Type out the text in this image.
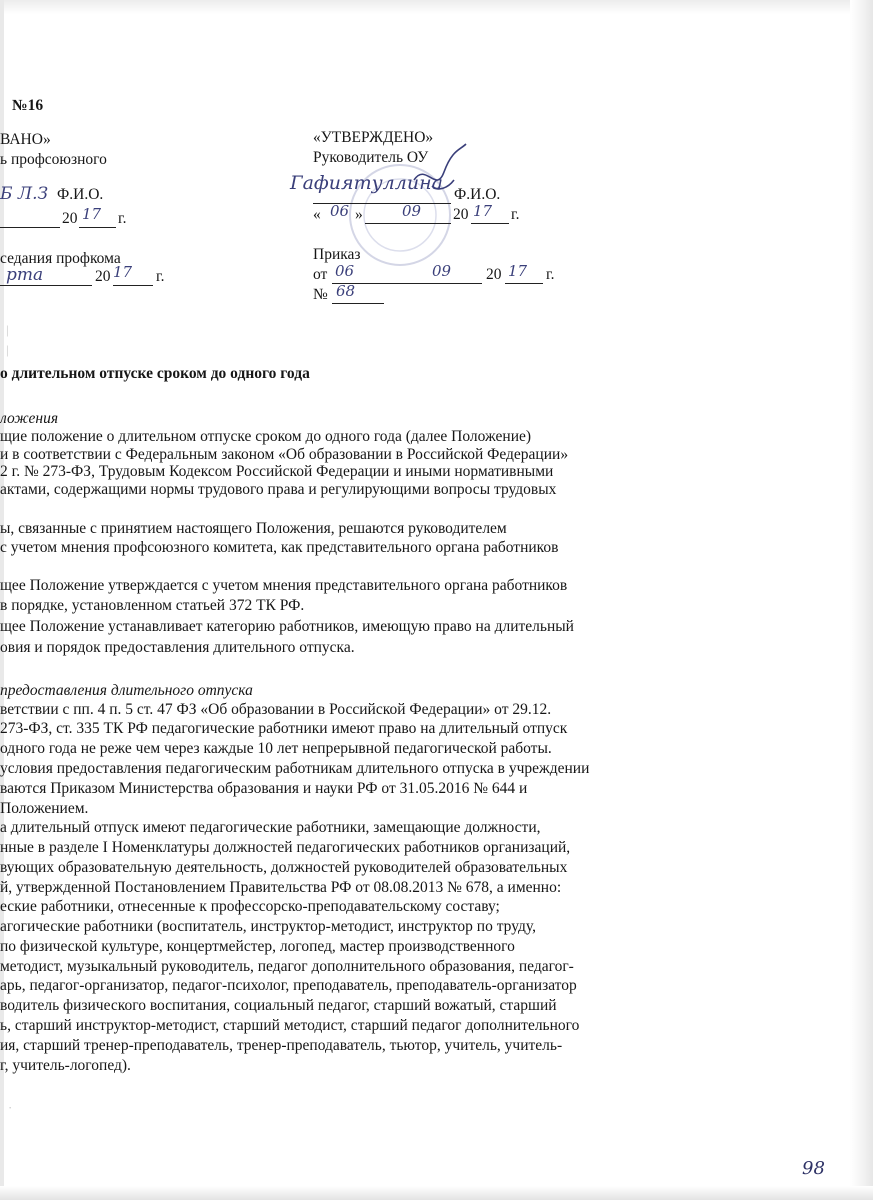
№16
ВАНО»
ь профсоюзного
Б Л.З Ф.И.О.
20 17 г.
седания профкома
рта	20 17 г.
«УТВЕРЖДЕНО»
Руководитель ОУ
Гафиятуллина
Ф.И.О.
« 06 »	09 20 17 г.
Приказ
от 06	09 20 17 г.
№ 68
|
|
о длительном отпуске сроком до одного года
ложения
щие положение о длительном отпуске сроком до одного года (далее Положение)
и в соответствии с Федеральным законом «Об образовании в Российской Федерации»
2 г. № 273-ФЗ, Трудовым Кодексом Российской Федерации и иными нормативными
актами, содержащими нормы трудового права и регулирующими вопросы трудовых
ы, связанные с принятием настоящего Положения, решаются руководителем
с учетом мнения профсоюзного комитета, как представительного органа работников
щее Положение утверждается с учетом мнения представительного органа работников
в порядке, установленном статьей 372 ТК РФ.
щее Положение устанавливает категорию работников, имеющую право на длительный
овия и порядок предоставления длительного отпуска.
предоставления длительного отпуска
ветствии с пп. 4 п. 5 ст. 47 ФЗ «Об образовании в Российской Федерации» от 29.12.
273-ФЗ, ст. 335 ТК РФ педагогические работники имеют право на длительный отпуск
одного года не реже чем через каждые 10 лет непрерывной педагогической работы.
условия предоставления педагогическим работникам длительного отпуска в учреждении
ваются Приказом Министерства образования и науки РФ от 31.05.2016 № 644 и
Положением.
а длительный отпуск имеют педагогические работники, замещающие должности,
нные в разделе I Номенклатуры должностей педагогических работников организаций,
вующих образовательную деятельность, должностей руководителей образовательных
й, утвержденной Постановлением Правительства РФ от 08.08.2013 № 678, а именно:
еские работники, отнесенные к профессорско-преподавательскому составу;
агогические работники (воспитатель, инструктор-методист, инструктор по труду,
по физической культуре, концертмейстер, логопед, мастер производственного
методист, музыкальный руководитель, педагог дополнительного образования, педагог-
арь, педагог-организатор, педагог-психолог, преподаватель, преподаватель-организатор
водитель физического воспитания, социальный педагог, старший вожатый, старший
ь, старший инструктор-методист, старший методист, старший педагог дополнительного
ия, старший тренер-преподаватель, тренер-преподаватель, тьютор, учитель, учитель-
г, учитель-логопед).
·
98
